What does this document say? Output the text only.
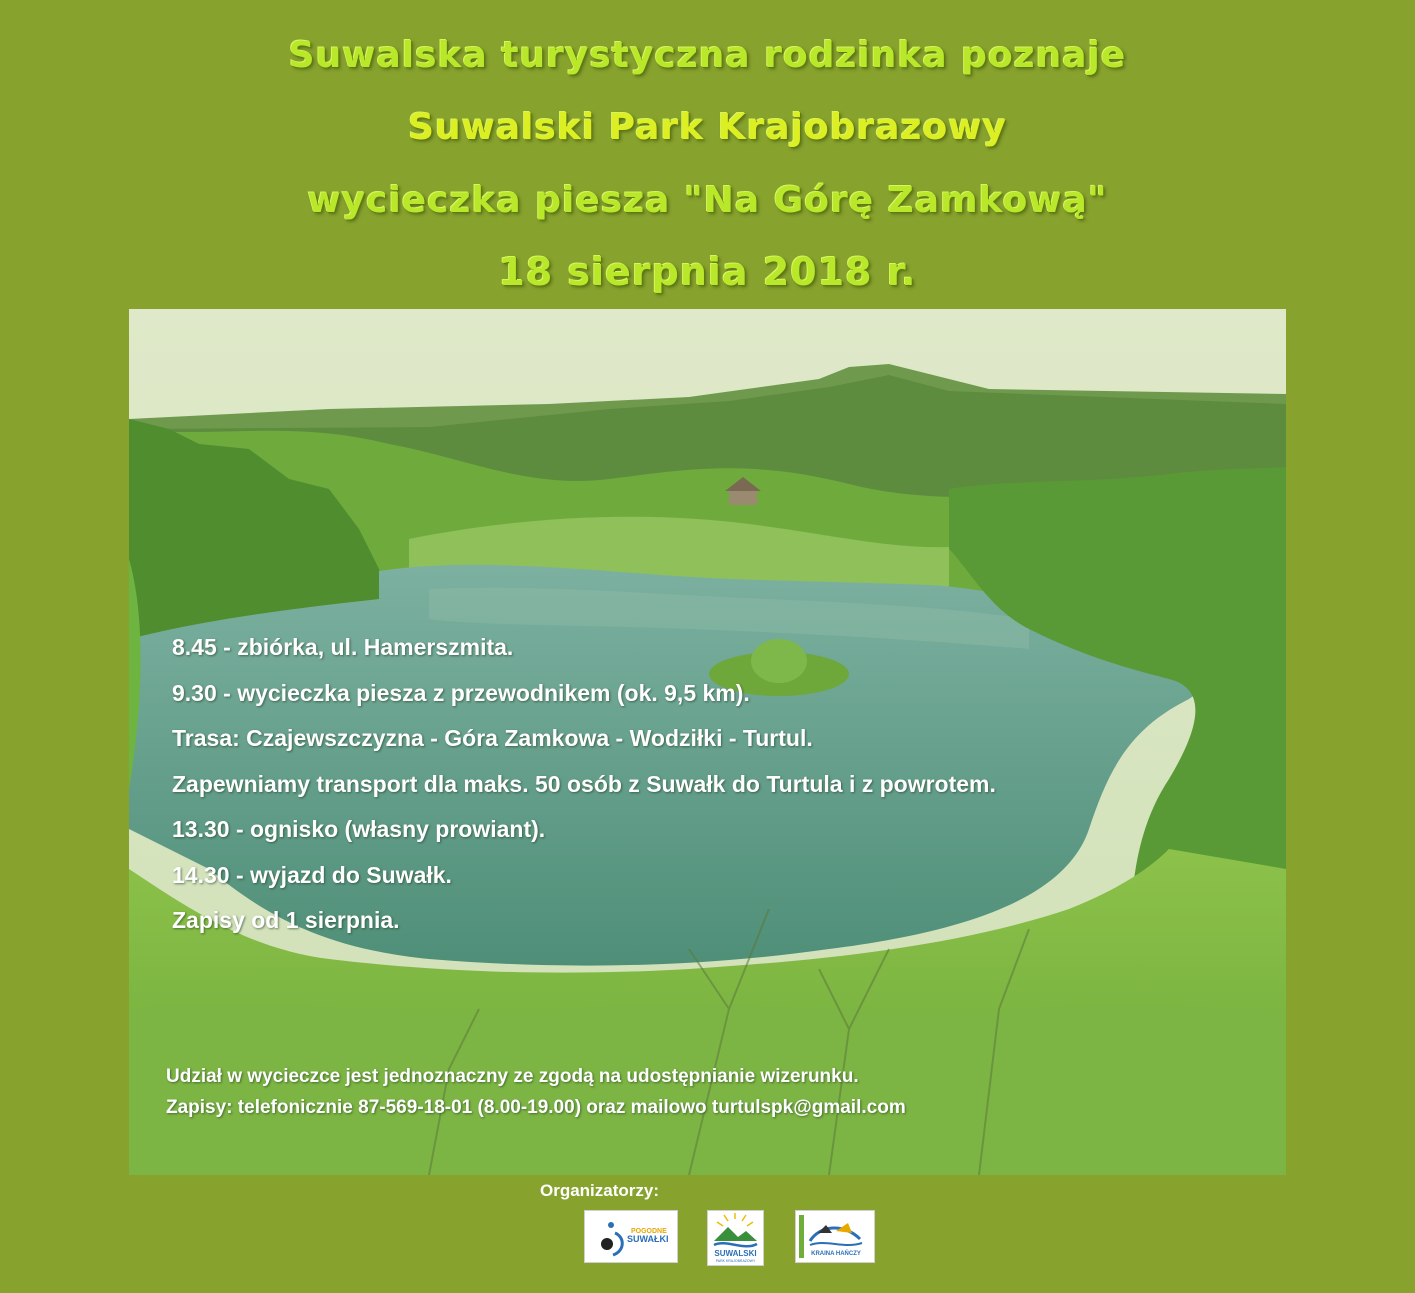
Suwalska turystyczna rodzinka poznaje
Suwalski Park Krajobrazowy
wycieczka piesza "Na Górę Zamkową"
18 sierpnia 2018 r.
8.45 - zbiórka, ul. Hamerszmita.
9.30 - wycieczka piesza z przewodnikem (ok. 9,5 km).
Trasa: Czajewszczyzna - Góra Zamkowa - Wodziłki - Turtul.
Zapewniamy transport dla maks. 50 osób z Suwałk do Turtula i z powrotem.
13.30 - ognisko (własny prowiant).
14.30 - wyjazd do Suwałk.
Zapisy od 1 sierpnia.
Udział w wycieczce jest jednoznaczny ze zgodą na udostępnianie wizerunku.
Zapisy: telefonicznie 87-569-18-01 (8.00-19.00) oraz mailowo turtulspk@gmail.com
Organizatorzy:
POGODNE
SUWAŁKI
SUWALSKI
PARK KRAJOBRAZOWY
KRAINA HAŃCZY
